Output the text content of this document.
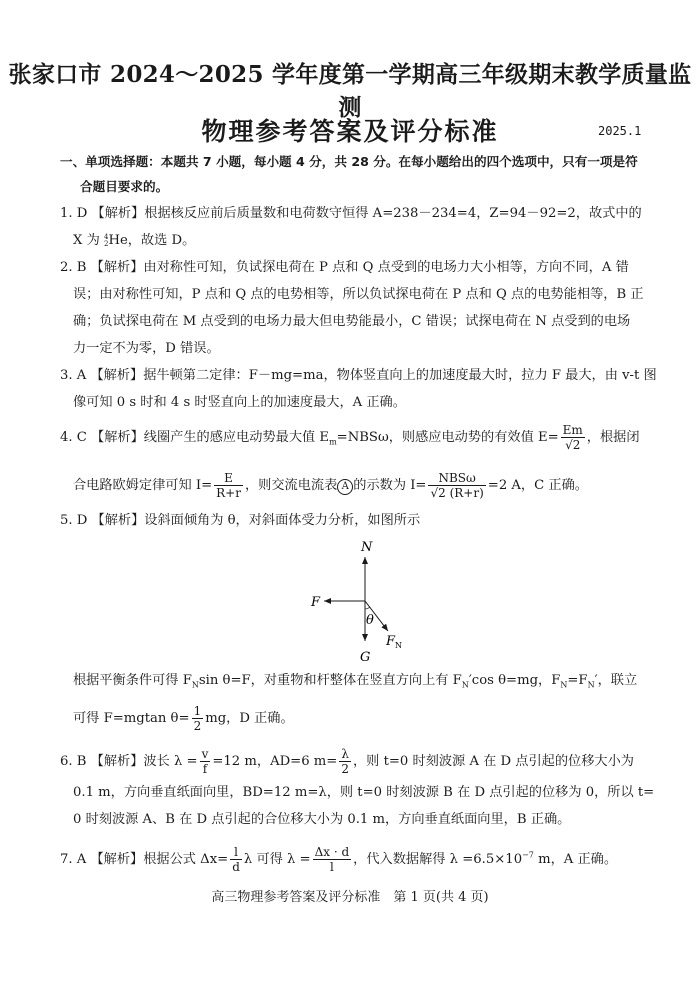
张家口市 2024～2025 学年度第一学期高三年级期末教学质量监测
物理参考答案及评分标准	2025.1
一、单项选择题：本题共 7 小题，每小题 4 分，共 28 分。在每小题给出的四个选项中，只有一项是符
合题目要求的。
1. D 【解析】根据核反应前后质量数和电荷数守恒得 A=238－234=4，Z=94－92=2，故式中的
X 为 4
2 He，故选 D。
2. B 【解析】由对称性可知，负试探电荷在 P 点和 Q 点受到的电场力大小相等，方向不同，A 错
误；由对称性可知，P 点和 Q 点的电势相等，所以负试探电荷在 P 点和 Q 点的电势能相等，B 正
确；负试探电荷在 M 点受到的电场力最大但电势能最小，C 错误；试探电荷在 N 点受到的电场
力一定不为零，D 错误。
3. A 【解析】据牛顿第二定律：F－mg=ma，物体竖直向上的加速度最大时，拉力 F 最大，由 v-t 图
像可知 0 s 时和 4 s 时竖直向上的加速度最大，A 正确。
4. C 【解析】线圈产生的感应电动势最大值 $E_m=NBS\omega$，则感应电动势的有效值 $E= \frac{Em}{√2}$ ，根据闭
合电路欧姆定律可知 $I= \frac{E}{R+r}$ ，则交流电流表 A 的示数为 $I= \frac{\text{NBSω}}{√2 (R+r)} =2$ A，C 正确。
5. D 【解析】设斜面倾角为 θ，对斜面体受力分析，如图所示
N
F
$F_N$
G
θ
根据平衡条件可得 $F_N\sin$ θ=F，对重物和杆整体在竖直方向上有 $F_N'\cos$ θ=mg，$F_N=F_N'$，联立
可得 F=mgtan $\theta= \frac{1}{2}$ mg，D 正确。
6. B 【解析】波长 $\lambda = \frac{v}{f} =12$ m，AD=6 $m= \frac{\lambda}{2}$ ，则 t=0 时刻波源 A 在 D 点引起的位移大小为
0.1 m，方向垂直纸面向里，BD=12 m=λ，则 t=0 时刻波源 B 在 D 点引起的位移为 0，所以 t=
0 时刻波源 A、B 在 D 点引起的合位移大小为 0.1 m，方向垂直纸面向里，B 正确。
7. A 【解析】根据公式 $\Delta x= \frac{l}{d}$ λ 可得 $\lambda = \frac{\Delta x \cdot d}{l}$ ，代入数据解得 $\lambda =6.5\times 10^{-7}$ m，A 正确。
高三物理参考答案及评分标准　第 1 页(共 4 页)
